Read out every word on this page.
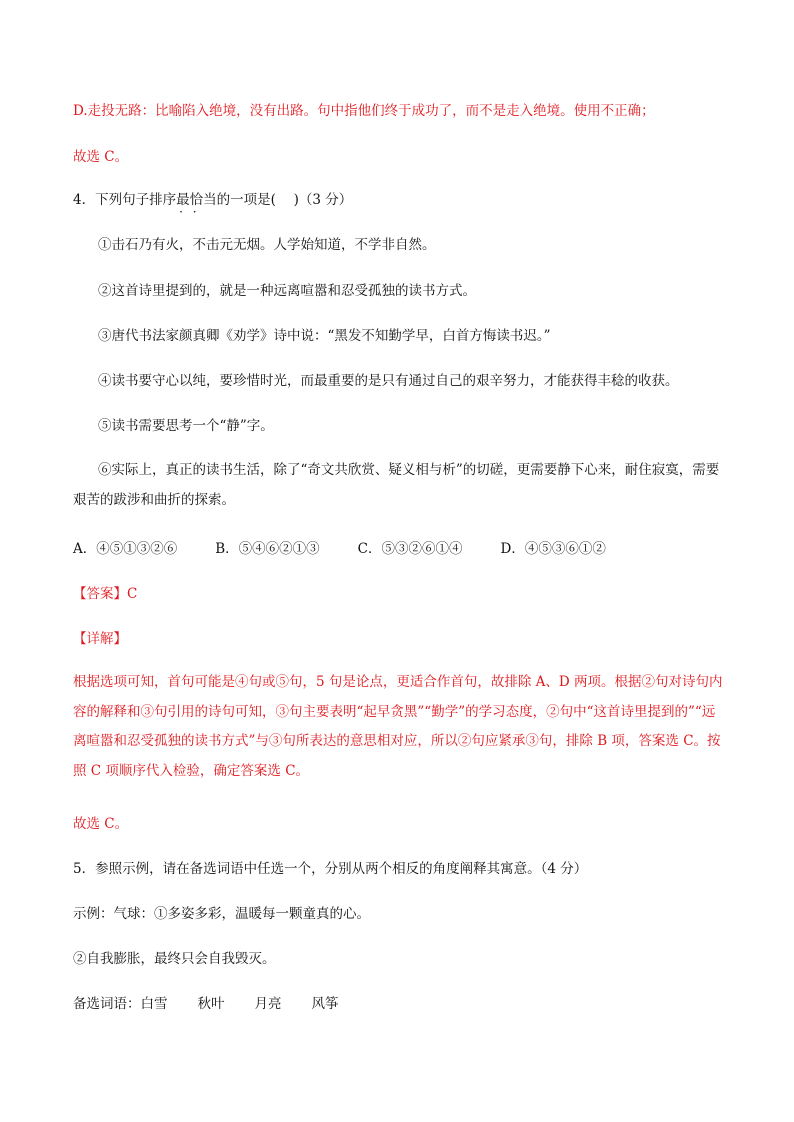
D.走投无路：比喻陷入绝境，没有出路。句中指他们终于成功了，而不是走入绝境。使用不正确；
故选 C。
4．下列句子排序最恰当 · ·的一项是(　 )（3 分）
①击石乃有火，不击元无烟。人学始知道，不学非自然。
②这首诗里提到的，就是一种远离喧嚣和忍受孤独的读书方式。
③唐代书法家颜真卿《劝学》诗中说：“黑发不知勤学早，白首方悔读书迟。”
④读书要守心以纯，要珍惜时光，而最重要的是只有通过自己的艰辛努力，才能获得丰稔的收获。
⑤读书需要思考一个“静”字。
⑥实际上，真正的读书生活，除了“奇文共欣赏、疑义相与析”的切磋，更需要静下心来，耐住寂寞，需要艰苦的跋涉和曲折的探索。
A．④⑤①③②⑥	B．⑤④⑥②①③	C．⑤③②⑥①④	D．④⑤③⑥①②
【答案】C
【详解】
根据选项可知，首句可能是④句或⑤句，5 句是论点，更适合作首句，故排除 A、D 两项。根据②句对诗句内容的解释和③句引用的诗句可知，③句主要表明“起早贪黑”“勤学”的学习态度，②句中“这首诗里提到的”“远离喧嚣和忍受孤独的读书方式”与③句所表达的意思相对应，所以②句应紧承③句，排除 B 项，答案选 C。按照 C 项顺序代入检验，确定答案选 C。
故选 C。
5．参照示例，请在备选词语中任选一个，分别从两个相反的角度阐释其寓意。（4 分）
示例：气球：①多姿多彩，温暖每一颗童真的心。
②自我膨胀，最终只会自我毁灭。
备选词语：白雪 秋叶 月亮 风筝
